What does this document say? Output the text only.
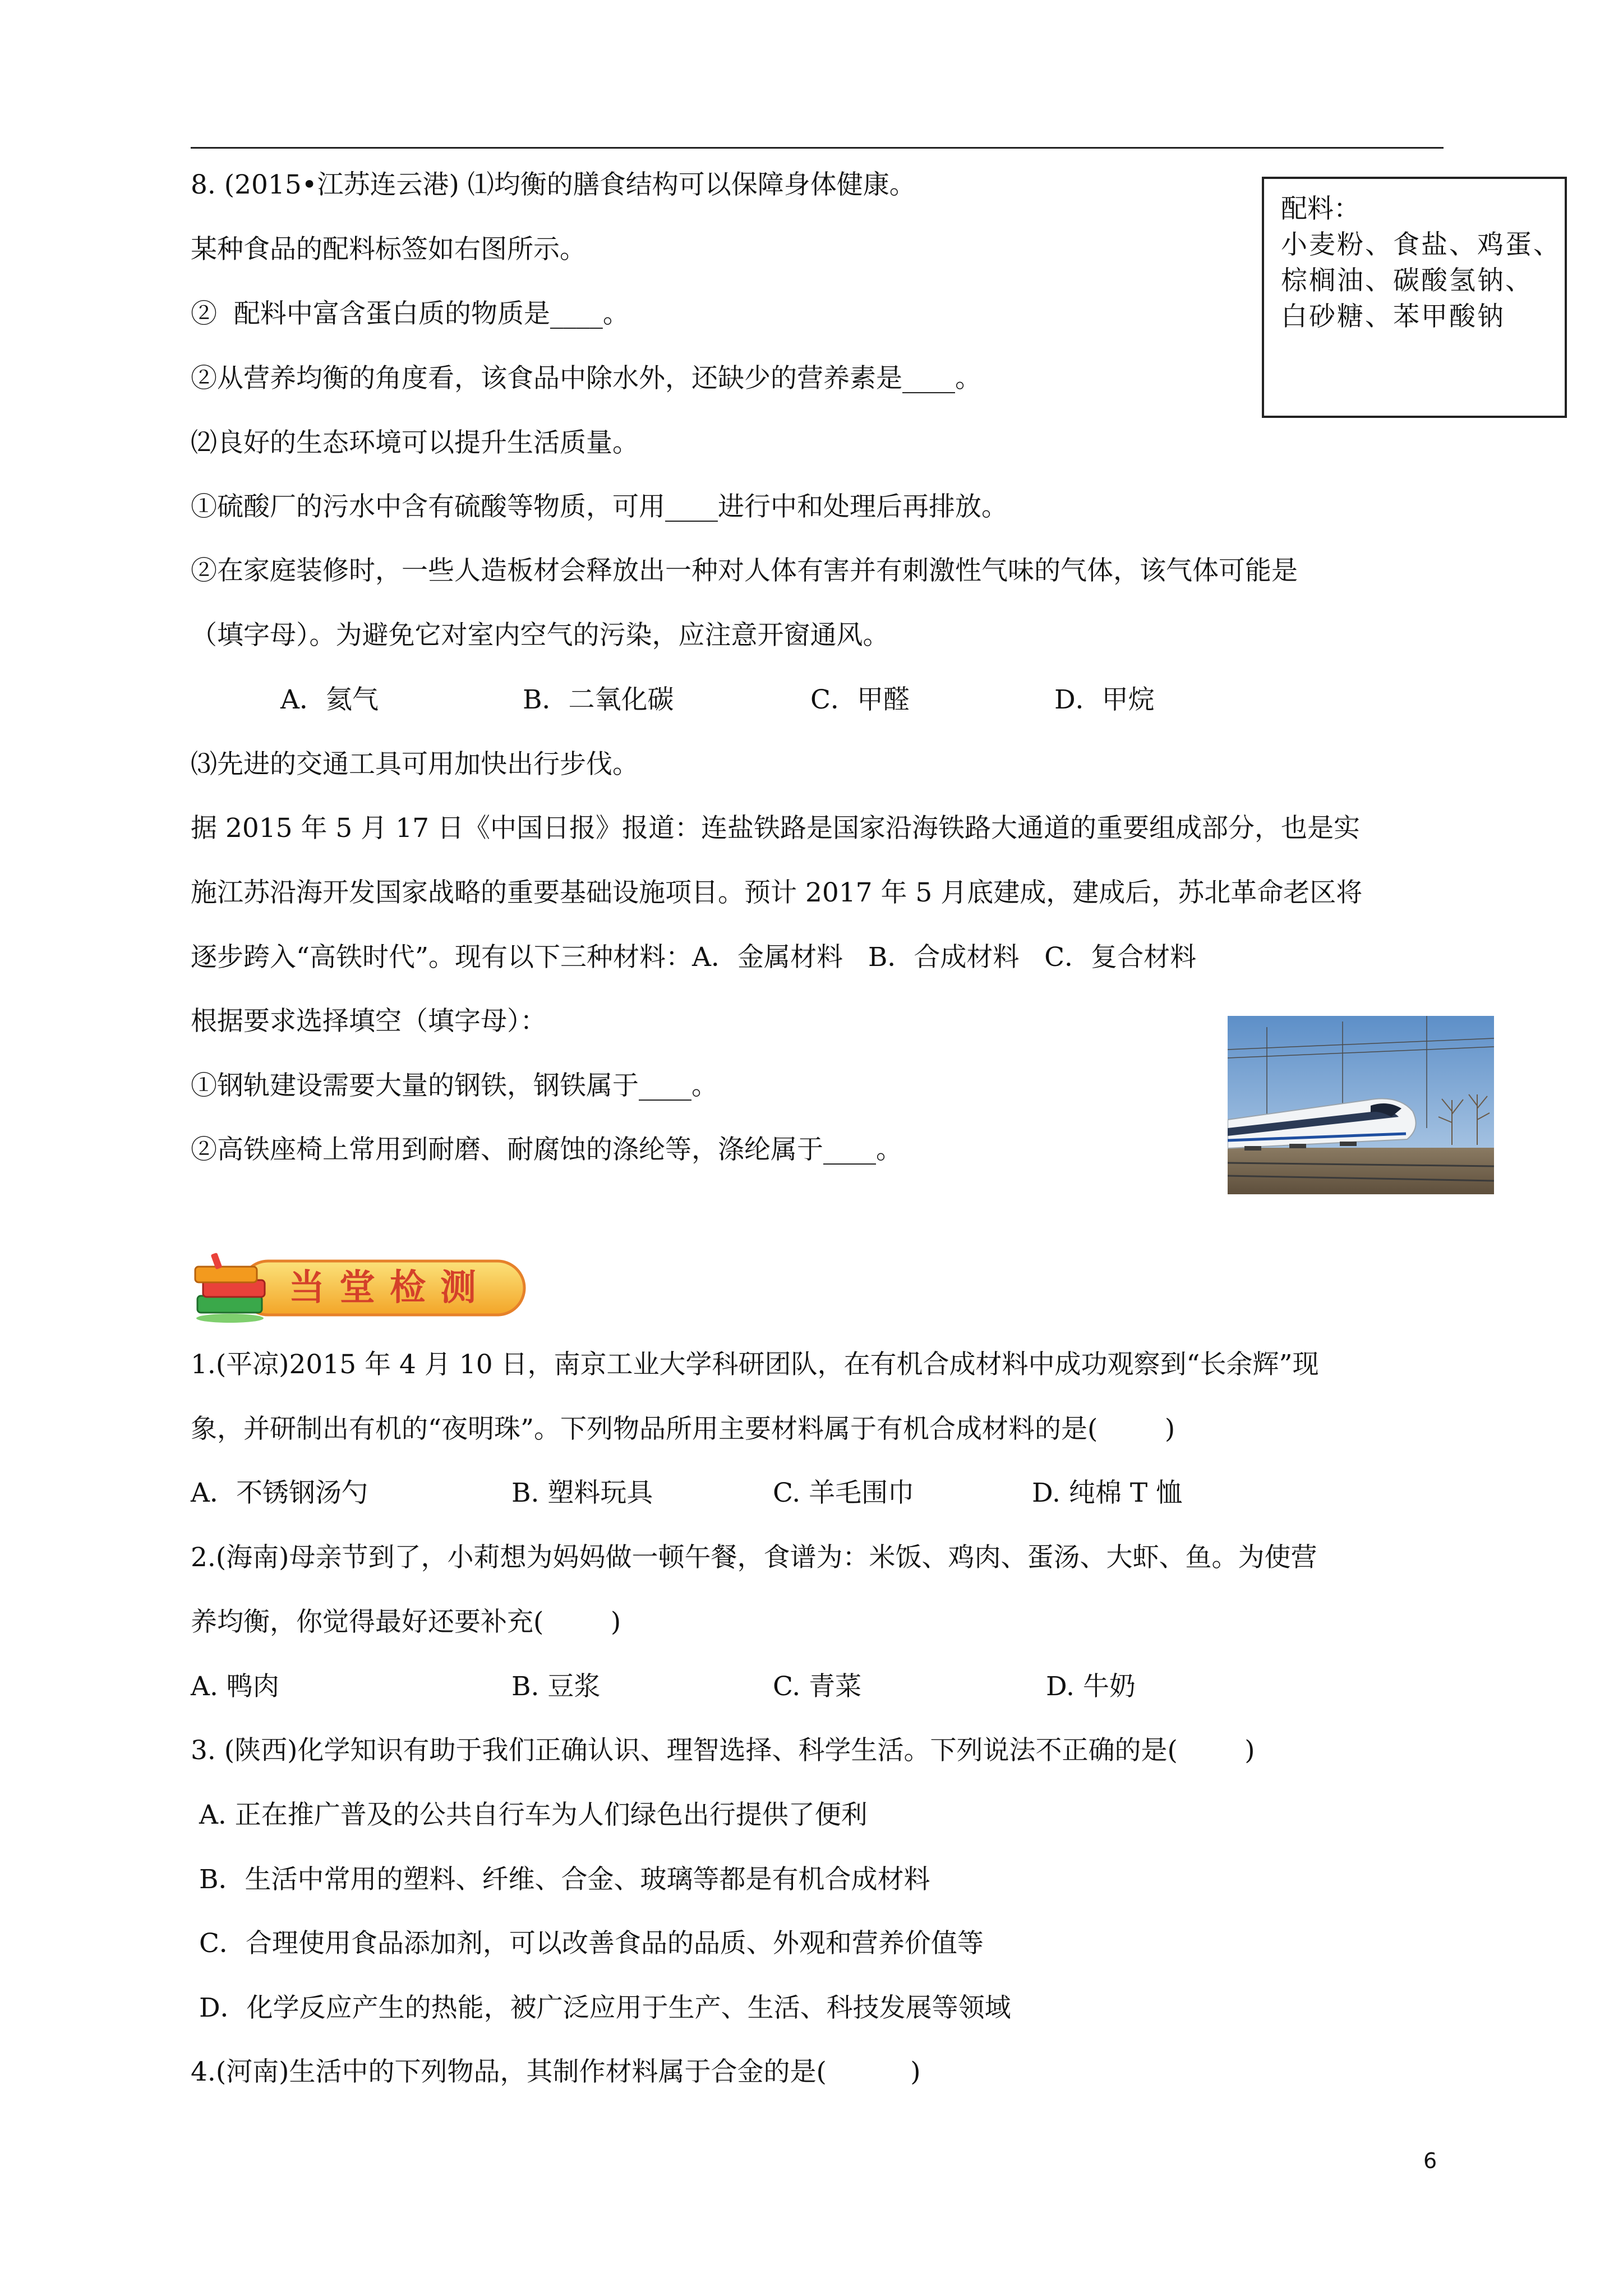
8. (2015•江苏连云港) ⑴均衡的膳食结构可以保障身体健康。
某种食品的配料标签如右图所示。
②  配料中富含蛋白质的物质是____。
②从营养均衡的角度看，该食品中除水外，还缺少的营养素是____。
⑵良好的生态环境可以提升生活质量。
①硫酸厂的污水中含有硫酸等物质，可用____进行中和处理后再排放。
②在家庭装修时，一些人造板材会释放出一种对人体有害并有刺激性气味的气体，该气体可能是
（填字母）。为避免它对室内空气的污染，应注意开窗通风。
A．氦气	B．二氧化碳	C．甲醛	D．甲烷
⑶先进的交通工具可用加快出行步伐。
据 2015 年 5 月 17 日《中国日报》报道：连盐铁路是国家沿海铁路大通道的重要组成部分，也是实
施江苏沿海开发国家战略的重要基础设施项目。预计 2017 年 5 月底建成，建成后，苏北革命老区将
逐步跨入“高铁时代”。现有以下三种材料：A．金属材料   B．合成材料   C．复合材料
根据要求选择填空（填字母）：
①钢轨建设需要大量的钢铁，钢铁属于____。
②高铁座椅上常用到耐磨、耐腐蚀的涤纶等，涤纶属于____。
配料：
小麦粉、食盐、鸡蛋、
棕榈油、碳酸氢钠、
白砂糖、苯甲酸钠
当堂检测
1.(平凉)2015 年 4 月 10 日，南京工业大学科研团队，在有机合成材料中成功观察到“长余辉”现
象，并研制出有机的“夜明珠”。下列物品所用主要材料属于有机合成材料的是(        )
A．不锈钢汤勺	B. 塑料玩具	C. 羊毛围巾	D. 纯棉 T 恤
2.(海南)母亲节到了，小莉想为妈妈做一顿午餐，食谱为：米饭、鸡肉、蛋汤、大虾、鱼。为使营
养均衡，你觉得最好还要补充(        )
A. 鸭肉	B. 豆浆	C. 青菜	D. 牛奶
3. (陕西)化学知识有助于我们正确认识、理智选择、科学生活。下列说法不正确的是(        )
A. 正在推广普及的公共自行车为人们绿色出行提供了便利
B．生活中常用的塑料、纤维、合金、玻璃等都是有机合成材料
C．合理使用食品添加剂，可以改善食品的品质、外观和营养价值等
D．化学反应产生的热能，被广泛应用于生产、生活、科技发展等领域
4.(河南)生活中的下列物品，其制作材料属于合金的是(          )
6
